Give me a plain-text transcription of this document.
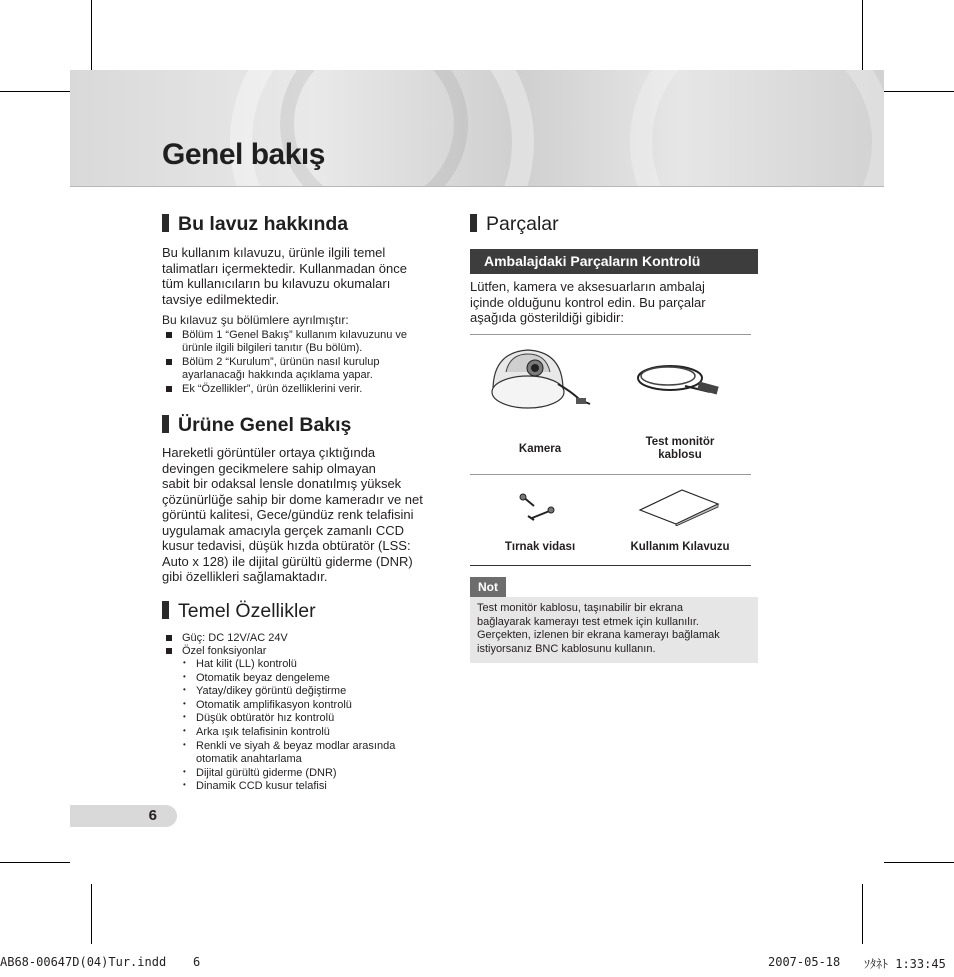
Genel bakış
Bu lavuz hakkında
Bu kullanım kılavuzu, ürünle ilgili temel
talimatları içermektedir. Kullanmadan önce
tüm kullanıcıların bu kılavuzu okumaları
tavsiye edilmektedir.
Bu kılavuz şu bölümlere ayrılmıştır:
Bölüm 1 “Genel Bakış” kullanım kılavuzunu ve
ürünle ilgili bilgileri tanıtır (Bu bölüm).
Bölüm 2 “Kurulum”, ürünün nasıl kurulup
ayarlanacağı hakkında açıklama yapar.
Ek “Özellikler”, ürün özelliklerini verir.
Ürüne Genel Bakış
Hareketli görüntüler ortaya çıktığında
devingen gecikmelere sahip olmayan
sabit bir odaksal lensle donatılmış yüksek
çözünürlüğe sahip bir dome kameradır ve net
görüntü kalitesi, Gece/gündüz renk telafisini
uygulamak amacıyla gerçek zamanlı CCD
kusur tedavisi, düşük hızda obtüratör (LSS:
Auto x 128) ile dijital gürültü giderme (DNR)
gibi özellikleri sağlamaktadır.
Temel Özellikler
Güç: DC 12V/AC 24V
Özel fonksiyonlar
• Hat kilit (LL) kontrolü
• Otomatik beyaz dengeleme
• Yatay/dikey görüntü değiştirme
• Otomatik amplifikasyon kontrolü
• Düşük obtüratör hız kontrolü
• Arka ışık telafisinin kontrolü
• Renkli ve siyah & beyaz modlar arasında
otomatik anahtarlama
• Dijital gürültü giderme (DNR)
• Dinamik CCD kusur telafisi
6
Parçalar
Ambalajdaki Parçaların Kontrolü
Lütfen, kamera ve aksesuarların ambalaj
içinde olduğunu kontrol edin. Bu parçalar
aşağıda gösterildiği gibidir:
Kamera
Test monitör
kablosu
Tırnak vidası	Kullanım Kılavuzu
Not
Test monitör kablosu, taşınabilir bir ekrana
bağlayarak kamerayı test etmek için kullanılır.
Gerçekten, izlenen bir ekrana kamerayı bağlamak
istiyorsanız BNC kablosunu kullanın.
AB68-00647D(04)Tur.indd 6	2007-05-18 ｿﾀﾈﾄ 1:33:45
